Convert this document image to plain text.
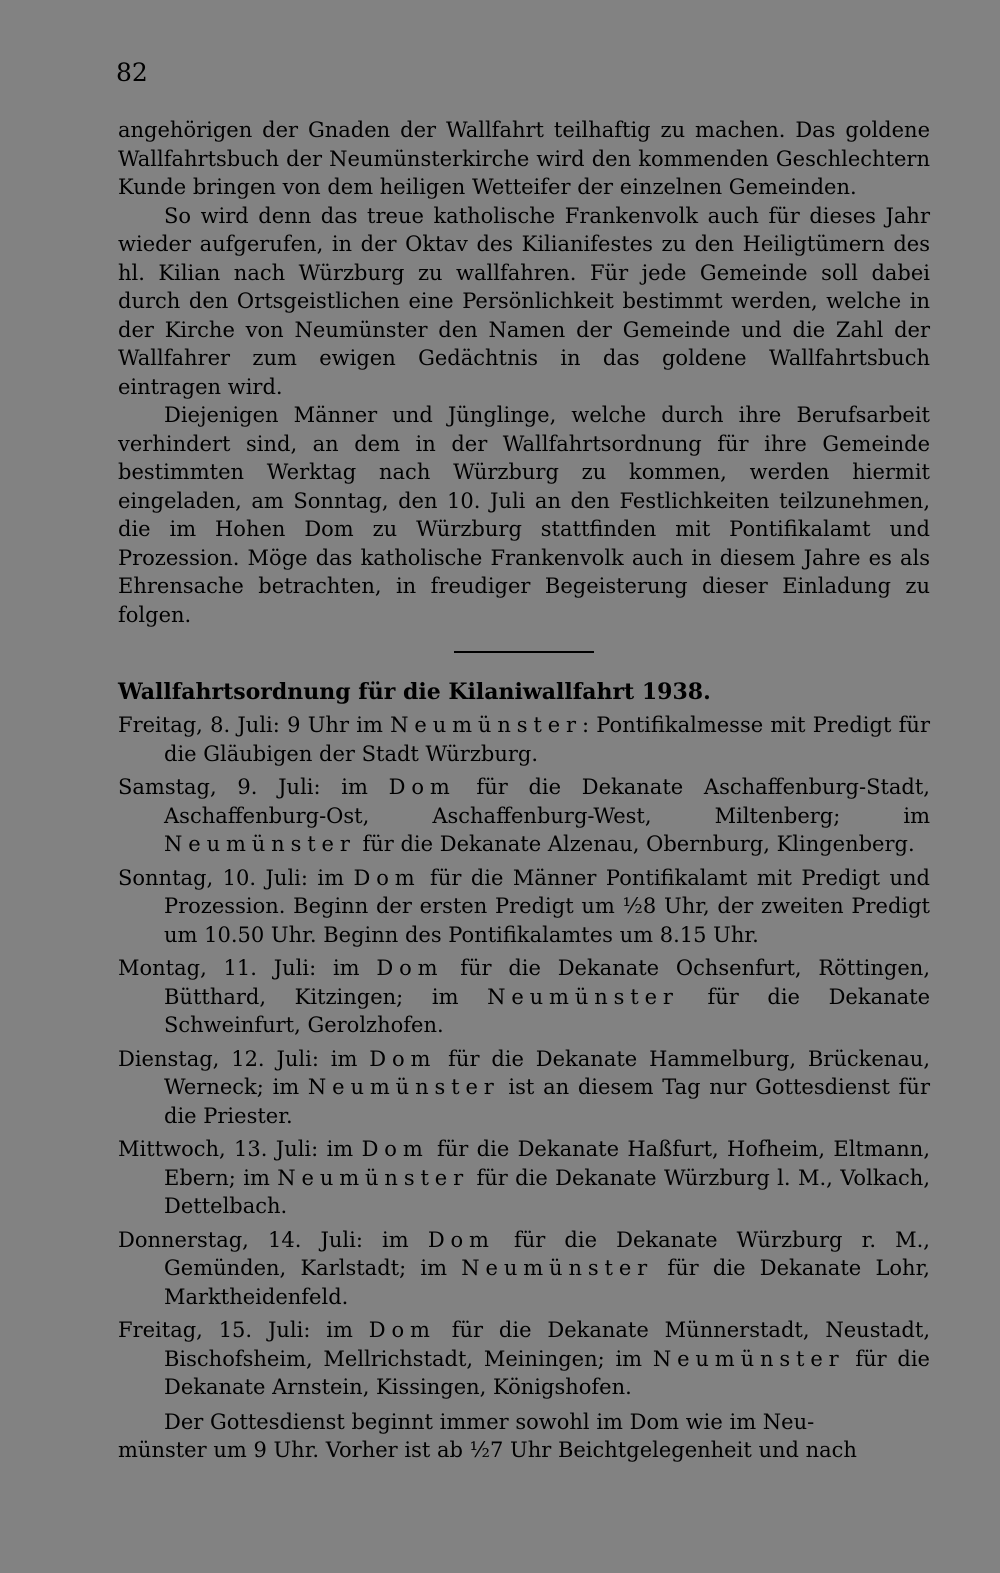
82

angehörigen der Gnaden der Wallfahrt teilhaftig zu machen. Das goldene Wallfahrtsbuch der Neumünsterkirche wird den kommenden Geschlechtern Kunde bringen von dem heiligen Wetteifer der einzelnen Gemeinden.

So wird denn das treue katholische Frankenvolk auch für dieses Jahr wieder aufgerufen, in der Oktav des Kilianifestes zu den Heiligtümern des hl. Kilian nach Würzburg zu wallfahren. Für jede Gemeinde soll dabei durch den Ortsgeistlichen eine Persönlichkeit bestimmt werden, welche in der Kirche von Neumünster den Namen der Gemeinde und die Zahl der Wallfahrer zum ewigen Gedächtnis in das goldene Wallfahrtsbuch eintragen wird.

Diejenigen Männer und Jünglinge, welche durch ihre Berufsarbeit verhindert sind, an dem in der Wallfahrtsordnung für ihre Gemeinde bestimmten Werktag nach Würzburg zu kommen, werden hiermit eingeladen, am Sonntag, den 10. Juli an den Festlichkeiten teilzunehmen, die im Hohen Dom zu Würzburg stattfinden mit Pontifikalamt und Prozession. Möge das katholische Frankenvolk auch in diesem Jahre es als Ehrensache betrachten, in freudiger Begeisterung dieser Einladung zu folgen.

Wallfahrtsordnung für die Kilaniwallfahrt 1938.

Freitag, 8. Juli: 9 Uhr im Neumünster: Pontifikalmesse mit Predigt für die Gläubigen der Stadt Würzburg.

Samstag, 9. Juli: im Dom für die Dekanate Aschaffenburg-Stadt, Aschaffenburg-Ost, Aschaffenburg-West, Miltenberg; im Neumünster für die Dekanate Alzenau, Obernburg, Klingenberg.

Sonntag, 10. Juli: im Dom für die Männer Pontifikalamt mit Predigt und Prozession. Beginn der ersten Predigt um ½8 Uhr, der zweiten Predigt um 10.50 Uhr. Beginn des Pontifikalamtes um 8.15 Uhr.

Montag, 11. Juli: im Dom für die Dekanate Ochsenfurt, Röttingen, Bütthard, Kitzingen; im Neumünster für die Dekanate Schweinfurt, Gerolzhofen.

Dienstag, 12. Juli: im Dom für die Dekanate Hammelburg, Brückenau, Werneck; im Neumünster ist an diesem Tag nur Gottesdienst für die Priester.

Mittwoch, 13. Juli: im Dom für die Dekanate Haßfurt, Hofheim, Eltmann, Ebern; im Neumünster für die Dekanate Würzburg l. M., Volkach, Dettelbach.

Donnerstag, 14. Juli: im Dom für die Dekanate Würzburg r. M., Gemünden, Karlstadt; im Neumünster für die Dekanate Lohr, Marktheidenfeld.

Freitag, 15. Juli: im Dom für die Dekanate Münnerstadt, Neustadt, Bischofsheim, Mellrichstadt, Meiningen; im Neumünster für die Dekanate Arnstein, Kissingen, Königshofen.

Der Gottesdienst beginnt immer sowohl im Dom wie im Neu-
münster um 9 Uhr. Vorher ist ab ½7 Uhr Beichtgelegenheit und nach
